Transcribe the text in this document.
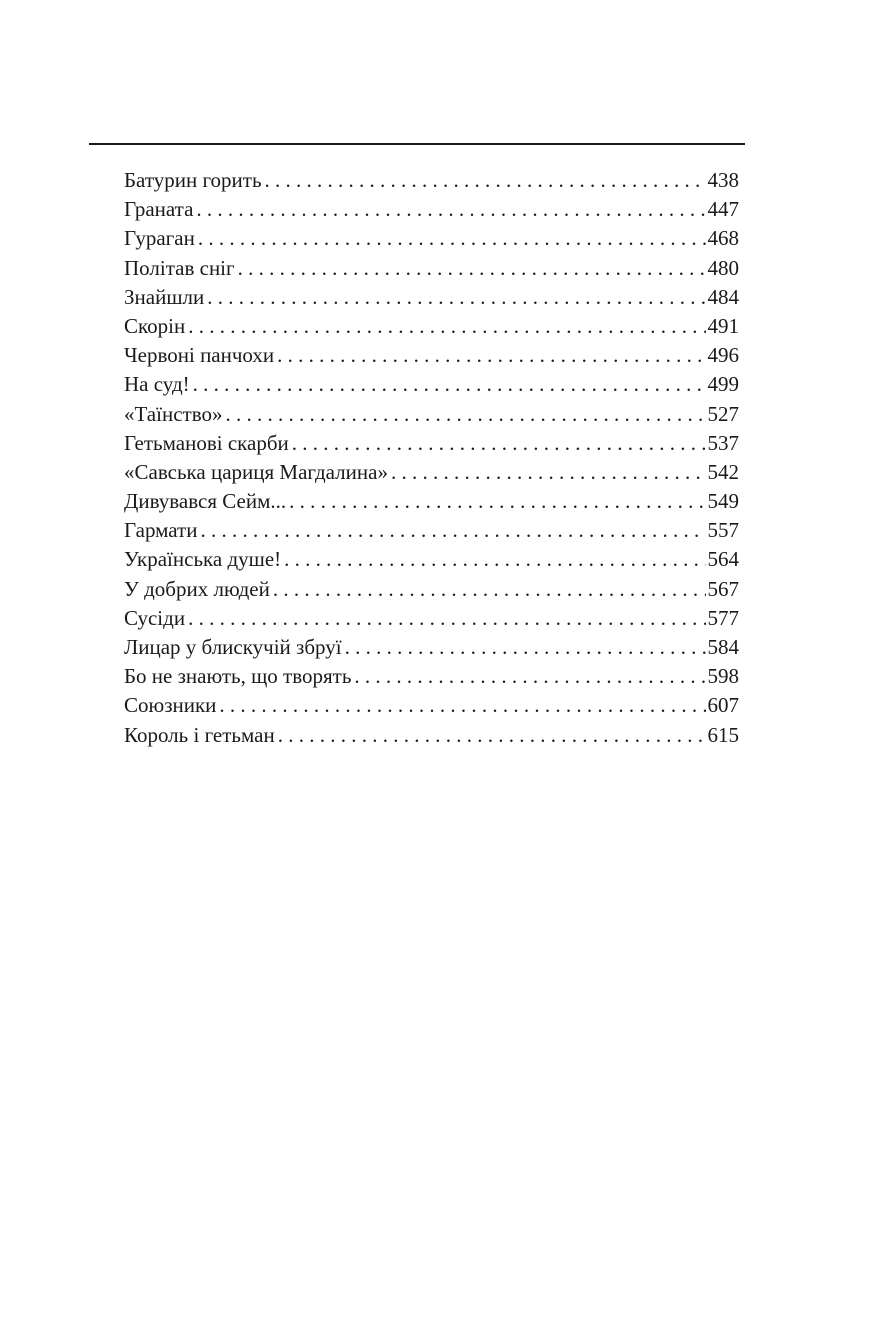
Батурин горить . . .	438
Граната . . .	447
Гураган . . .	468
Політав сніг . . .	480
Знайшли . . .	484
Скорін . . .	491
Червоні панчохи . . .	496
На суд! . . .	499
«Таїнство» . . .	527
Гетьманові скарби . . .	537
«Савська цариця Магдалина» . . .	542
Дивувався Сейм... . . .	549
Гармати . . .	557
Українська душе! . . .	564
У добрих людей . . .	567
Сусіди . . .	577
Лицар у блискучій збруї . . .	584
Бо не знають, що творять . . .	598
Союзники . . .	607
Король і гетьман . . .	615
